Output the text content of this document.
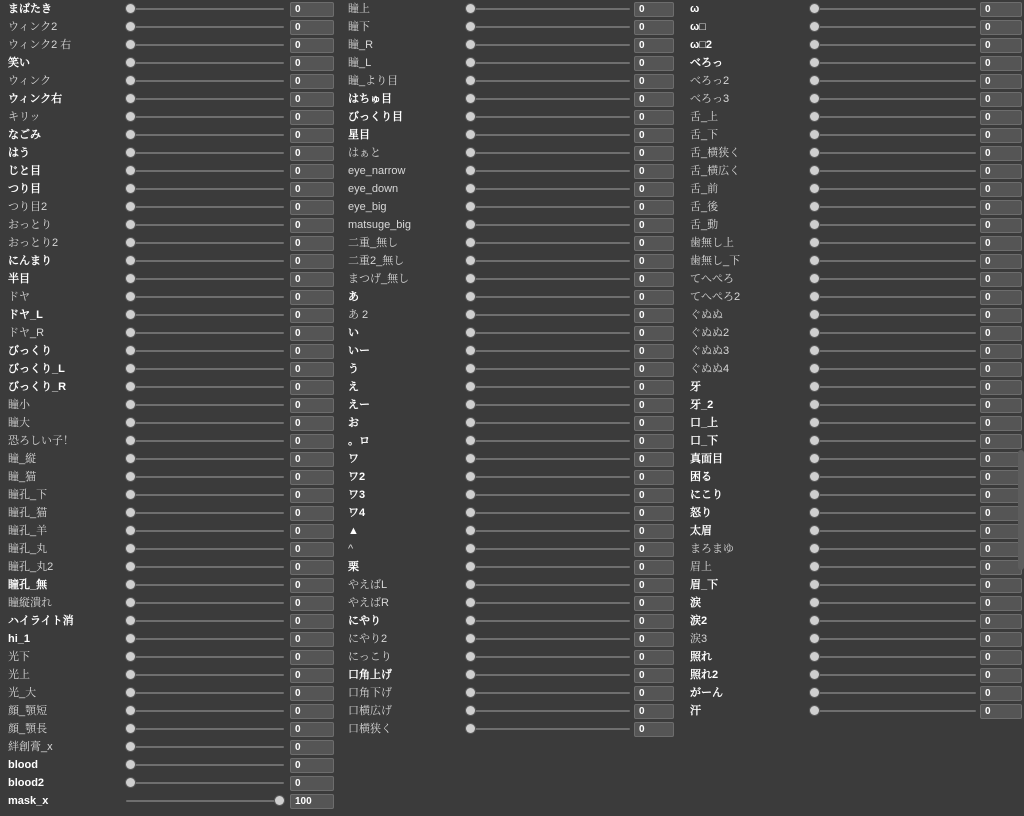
まばたき	0
ウィンク2	0
ウィンク2 右	0
笑い	0
ウィンク	0
ウィンク右	0
キリッ	0
なごみ	0
はう	0
じと目	0
つり目	0
つり目2	0
おっとり	0
おっとり2	0
にんまり	0
半目	0
ドヤ	0
ドヤ_L	0
ドヤ_R	0
びっくり	0
びっくり_L	0
びっくり_R	0
瞳小	0
瞳大	0
恐ろしい子！	0
瞳_縦	0
瞳_猫	0
瞳孔_下	0
瞳孔_猫	0
瞳孔_羊	0
瞳孔_丸	0
瞳孔_丸2	0
瞳孔_無	0
瞳縦潰れ	0
ハイライト消	0
hi_1	0
光下	0
光上	0
光_大	0
顔_顎短	0
顔_顎長	0
絆創膏_x	0
blood	0
blood2	0
mask_x	100
瞳上	0
瞳下	0
瞳_R	0
瞳_L	0
瞳_より目	0
はちゅ目	0
びっくり目	0
星目	0
はぁと	0
eye_narrow	0
eye_down	0
eye_big	0
matsuge_big	0
二重_無し	0
二重2_無し	0
まつげ_無し	0
あ	0
あ 2	0
い	0
いー	0
う	0
え	0
えー	0
お	0
。ロ	0
ワ	0
ワ2	0
ワ3	0
ワ4	0
▲	0
^	0
栗	0
やえばL	0
やえばR	0
にやり	0
にやり2	0
にっこり	0
口角上げ	0
口角下げ	0
口横広げ	0
口横狭く	0
ω	0
ω□	0
ω□2	0
べろっ	0
べろっ2	0
べろっ3	0
舌_上	0
舌_下	0
舌_横狭く	0
舌_横広く	0
舌_前	0
舌_後	0
舌_動	0
歯無し上	0
歯無し_下	0
てへぺろ	0
てへぺろ2	0
ぐぬぬ	0
ぐぬぬ2	0
ぐぬぬ3	0
ぐぬぬ4	0
牙	0
牙_2	0
口_上	0
口_下	0
真面目	0
困る	0
にこり	0
怒り	0
太眉	0
まろまゆ	0
眉上	0
眉_下	0
涙	0
涙2	0
涙3	0
照れ	0
照れ2	0
がーん	0
汗	0
